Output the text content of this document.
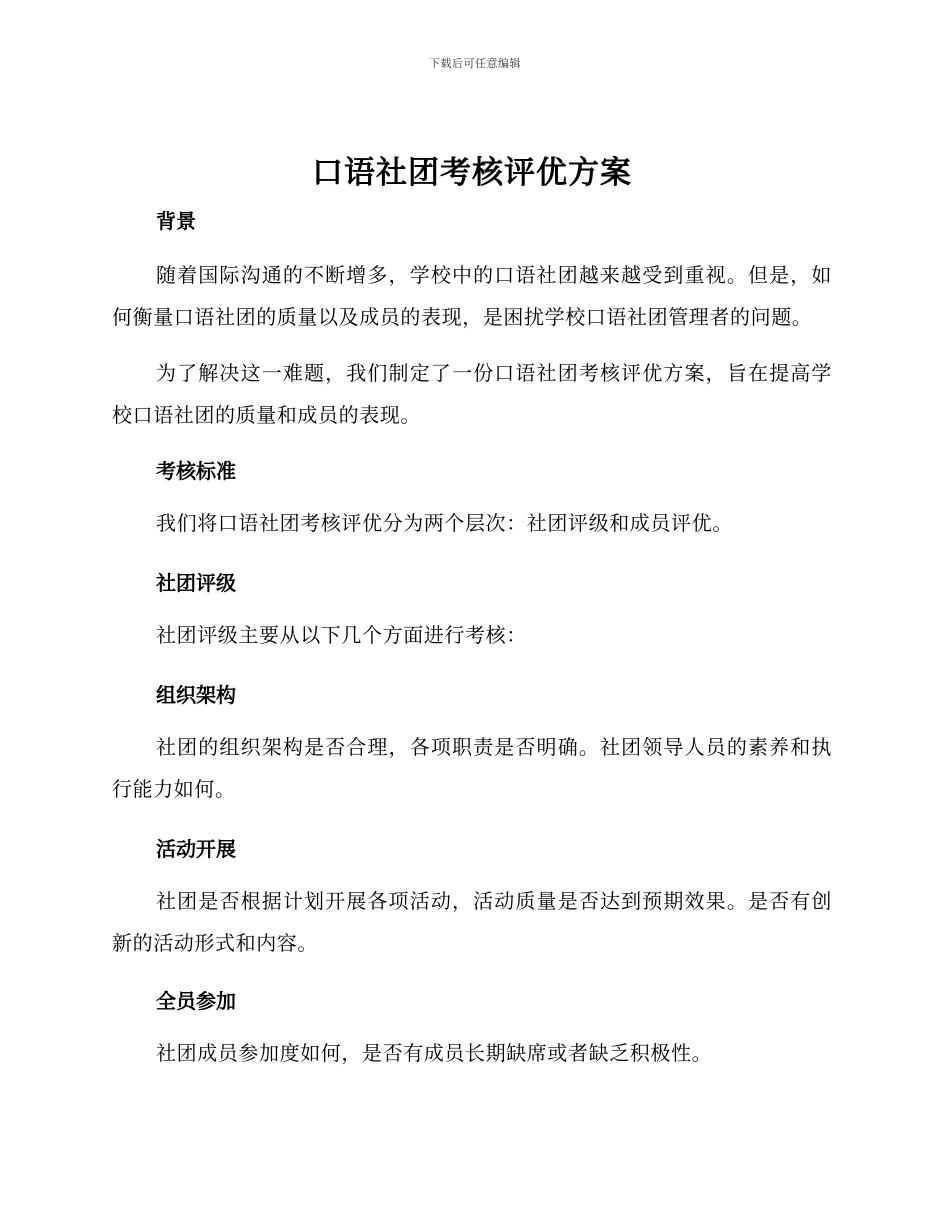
下载后可任意编辑
口语社团考核评优方案
背景

随着国际沟通的不断增多，学校中的口语社团越来越受到重视。但是，如何衡量口语社团的质量以及成员的表现，是困扰学校口语社团管理者的问题。

为了解决这一难题，我们制定了一份口语社团考核评优方案，旨在提高学校口语社团的质量和成员的表现。

考核标准

我们将口语社团考核评优分为两个层次：社团评级和成员评优。

社团评级

社团评级主要从以下几个方面进行考核：

组织架构

社团的组织架构是否合理，各项职责是否明确。社团领导人员的素养和执行能力如何。

活动开展

社团是否根据计划开展各项活动，活动质量是否达到预期效果。是否有创新的活动形式和内容。

全员参加

社团成员参加度如何，是否有成员长期缺席或者缺乏积极性。
